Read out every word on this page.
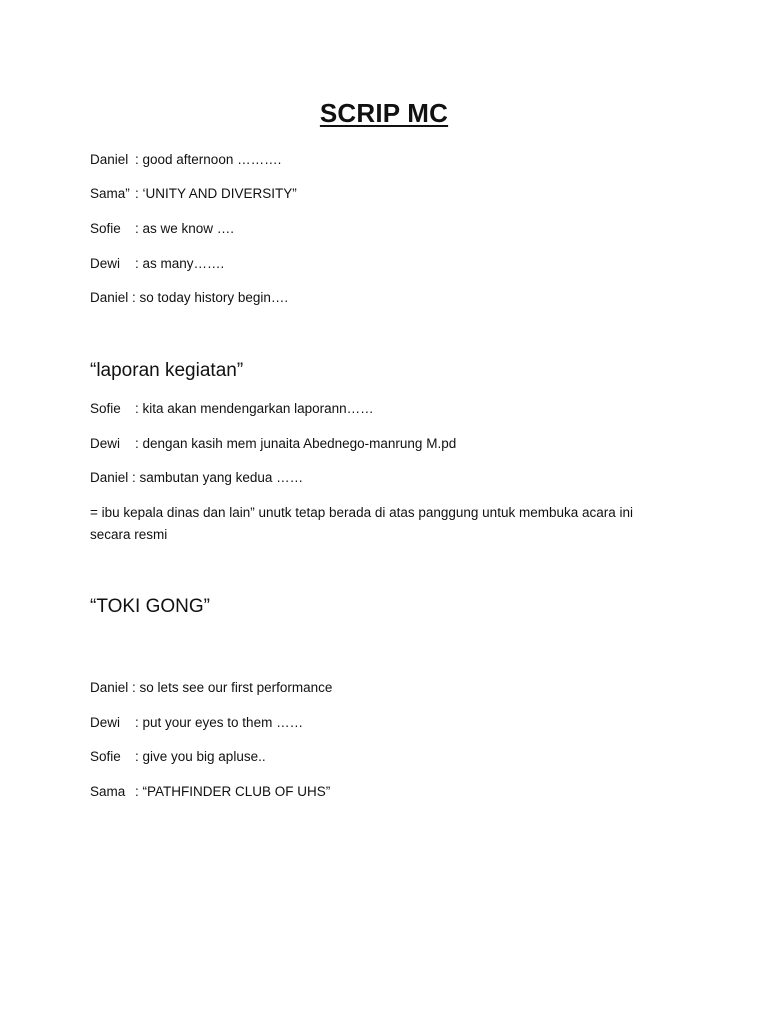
SCRIP MC
Daniel : good afternoon ……….
Sama” : ‘UNITY AND DIVERSITY”
Sofie : as we know ….
Dewi : as many…….
Daniel : so today history begin….
“laporan kegiatan”
Sofie : kita akan mendengarkan laporann……
Dewi : dengan kasih mem junaita Abednego-manrung M.pd
Daniel : sambutan yang kedua ……
= ibu kepala dinas dan lain” unutk tetap berada di atas panggung untuk membuka acara ini secara resmi
“TOKI GONG”
Daniel : so lets see our first performance
Dewi : put your eyes to them ……
Sofie : give you big apluse..
Sama : “PATHFINDER CLUB OF UHS”
